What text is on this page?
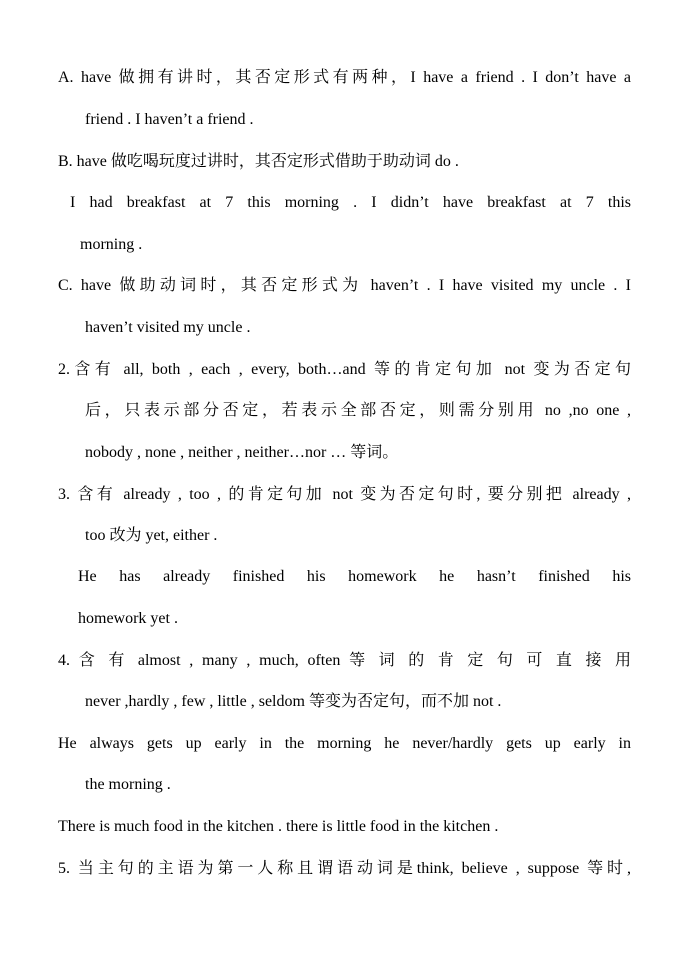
A. have 做拥有讲时，其否定形式有两种，I have a friend . I don’t have a
friend . I haven’t a friend .
B. have 做吃喝玩度过讲时，其否定形式借助于助动词 do .
I had breakfast at 7 this morning . I didn’t have breakfast at 7 this
morning .
C. have 做助动词时，其否定形式为 haven’t . I have visited my uncle . I
haven’t visited my uncle .
2.含有 all, both , each , every, both…and 等的肯定句加 not 变为否定句
后，只表示部分否定，若表示全部否定，则需分别用 no ,no one ,
nobody , none , neither , neither…nor … 等词。
3. 含有 already , too , 的肯定句加 not 变为否定句时, 要分别把 already ,
too 改为 yet, either .
He has already finished his homework he hasn’t finished his
homework yet .
4. 含 有 almost , many , much, often 等 词 的 肯 定 句 可 直 接 用
never ,hardly , few , little , seldom 等变为否定句，而不加 not .
He always gets up early in the morning he never/hardly gets up early in
the morning .
There is much food in the kitchen . there is little food in the kitchen .
5. 当主句的主语为第一人称且谓语动词是think, believe , suppose 等时,
